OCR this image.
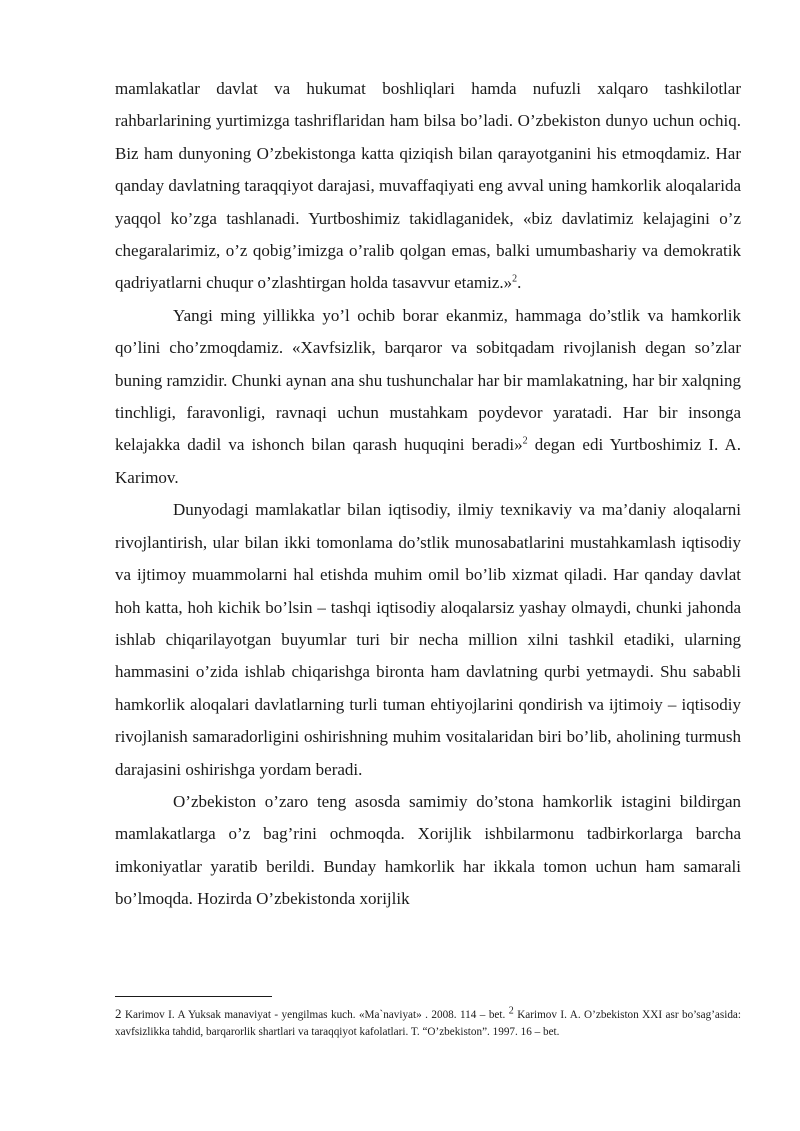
mamlakatlar davlat va hukumat boshliqlari hamda nufuzli xalqaro tashkilotlar rahbarlarining yurtimizga tashriflaridan ham bilsa bo’ladi. O’zbekiston dunyo uchun ochiq. Biz ham dunyoning O’zbekistonga katta qiziqish bilan qarayotganini his etmoqdamiz. Har qanday davlatning taraqqiyot darajasi, muvaffaqiyati eng avval uning hamkorlik aloqalarida yaqqol ko’zga tashlanadi. Yurtboshimiz takidlaganidek, «biz davlatimiz kelajagini o’z chegaralarimiz, o’z qobig’imizga o’ralib qolgan emas, balki umumbashariy va demokratik qadriyatlarni chuqur o’zlashtirgan holda tasavvur etamiz.»$^2$.

Yangi ming yillikka yo’l ochib borar ekanmiz, hammaga do’stlik va hamkorlik qo’lini cho’zmoqdamiz. «Xavfsizlik, barqaror va sobitqadam rivojlanish degan so’zlar buning ramzidir. Chunki aynan ana shu tushunchalar har bir mamlakatning, har bir xalqning tinchligi, faravonligi, ravnaqi uchun mustahkam poydevor yaratadi. Har bir insonga kelajakka dadil va ishonch bilan qarash huquqini beradi»$^2$ degan edi Yurtboshimiz I. A. Karimov.

Dunyodagi mamlakatlar bilan iqtisodiy, ilmiy texnikaviy va ma’daniy aloqalarni rivojlantirish, ular bilan ikki tomonlama do’stlik munosabatlarini mustahkamlash iqtisodiy va ijtimoy muammolarni hal etishda muhim omil bo’lib xizmat qiladi. Har qanday davlat hoh katta, hoh kichik bo’lsin – tashqi iqtisodiy aloqalarsiz yashay olmaydi, chunki jahonda ishlab chiqarilayotgan buyumlar turi bir necha million xilni tashkil etadiki, ularning hammasini o’zida ishlab chiqarishga bironta ham davlatning qurbi yetmaydi. Shu sababli hamkorlik aloqalari davlatlarning turli tuman ehtiyojlarini qondirish va ijtimoiy – iqtisodiy rivojlanish samaradorligini oshirishning muhim vositalaridan biri bo’lib, aholining turmush darajasini oshirishga yordam beradi.

O’zbekiston o’zaro teng asosda samimiy do’stona hamkorlik istagini bildirgan mamlakatlarga o’z bag’rini ochmoqda. Xorijlik ishbilarmonu tadbirkorlarga barcha imkoniyatlar yaratib berildi. Bunday hamkorlik har ikkala tomon uchun ham samarali bo’lmoqda. Hozirda O’zbekistonda xorijlik

2 Karimov I. A Yuksak manaviyat - yengilmas kuch. «Ma`naviyat» . 2008. 114 – bet. $^2$ Karimov I. A. O’zbekiston XXI asr bo’sag’asida: xavfsizlikka tahdid, barqarorlik shartlari va taraqqiyot kafolatlari. T. “O’zbekiston”. 1997. 16 – bet.
